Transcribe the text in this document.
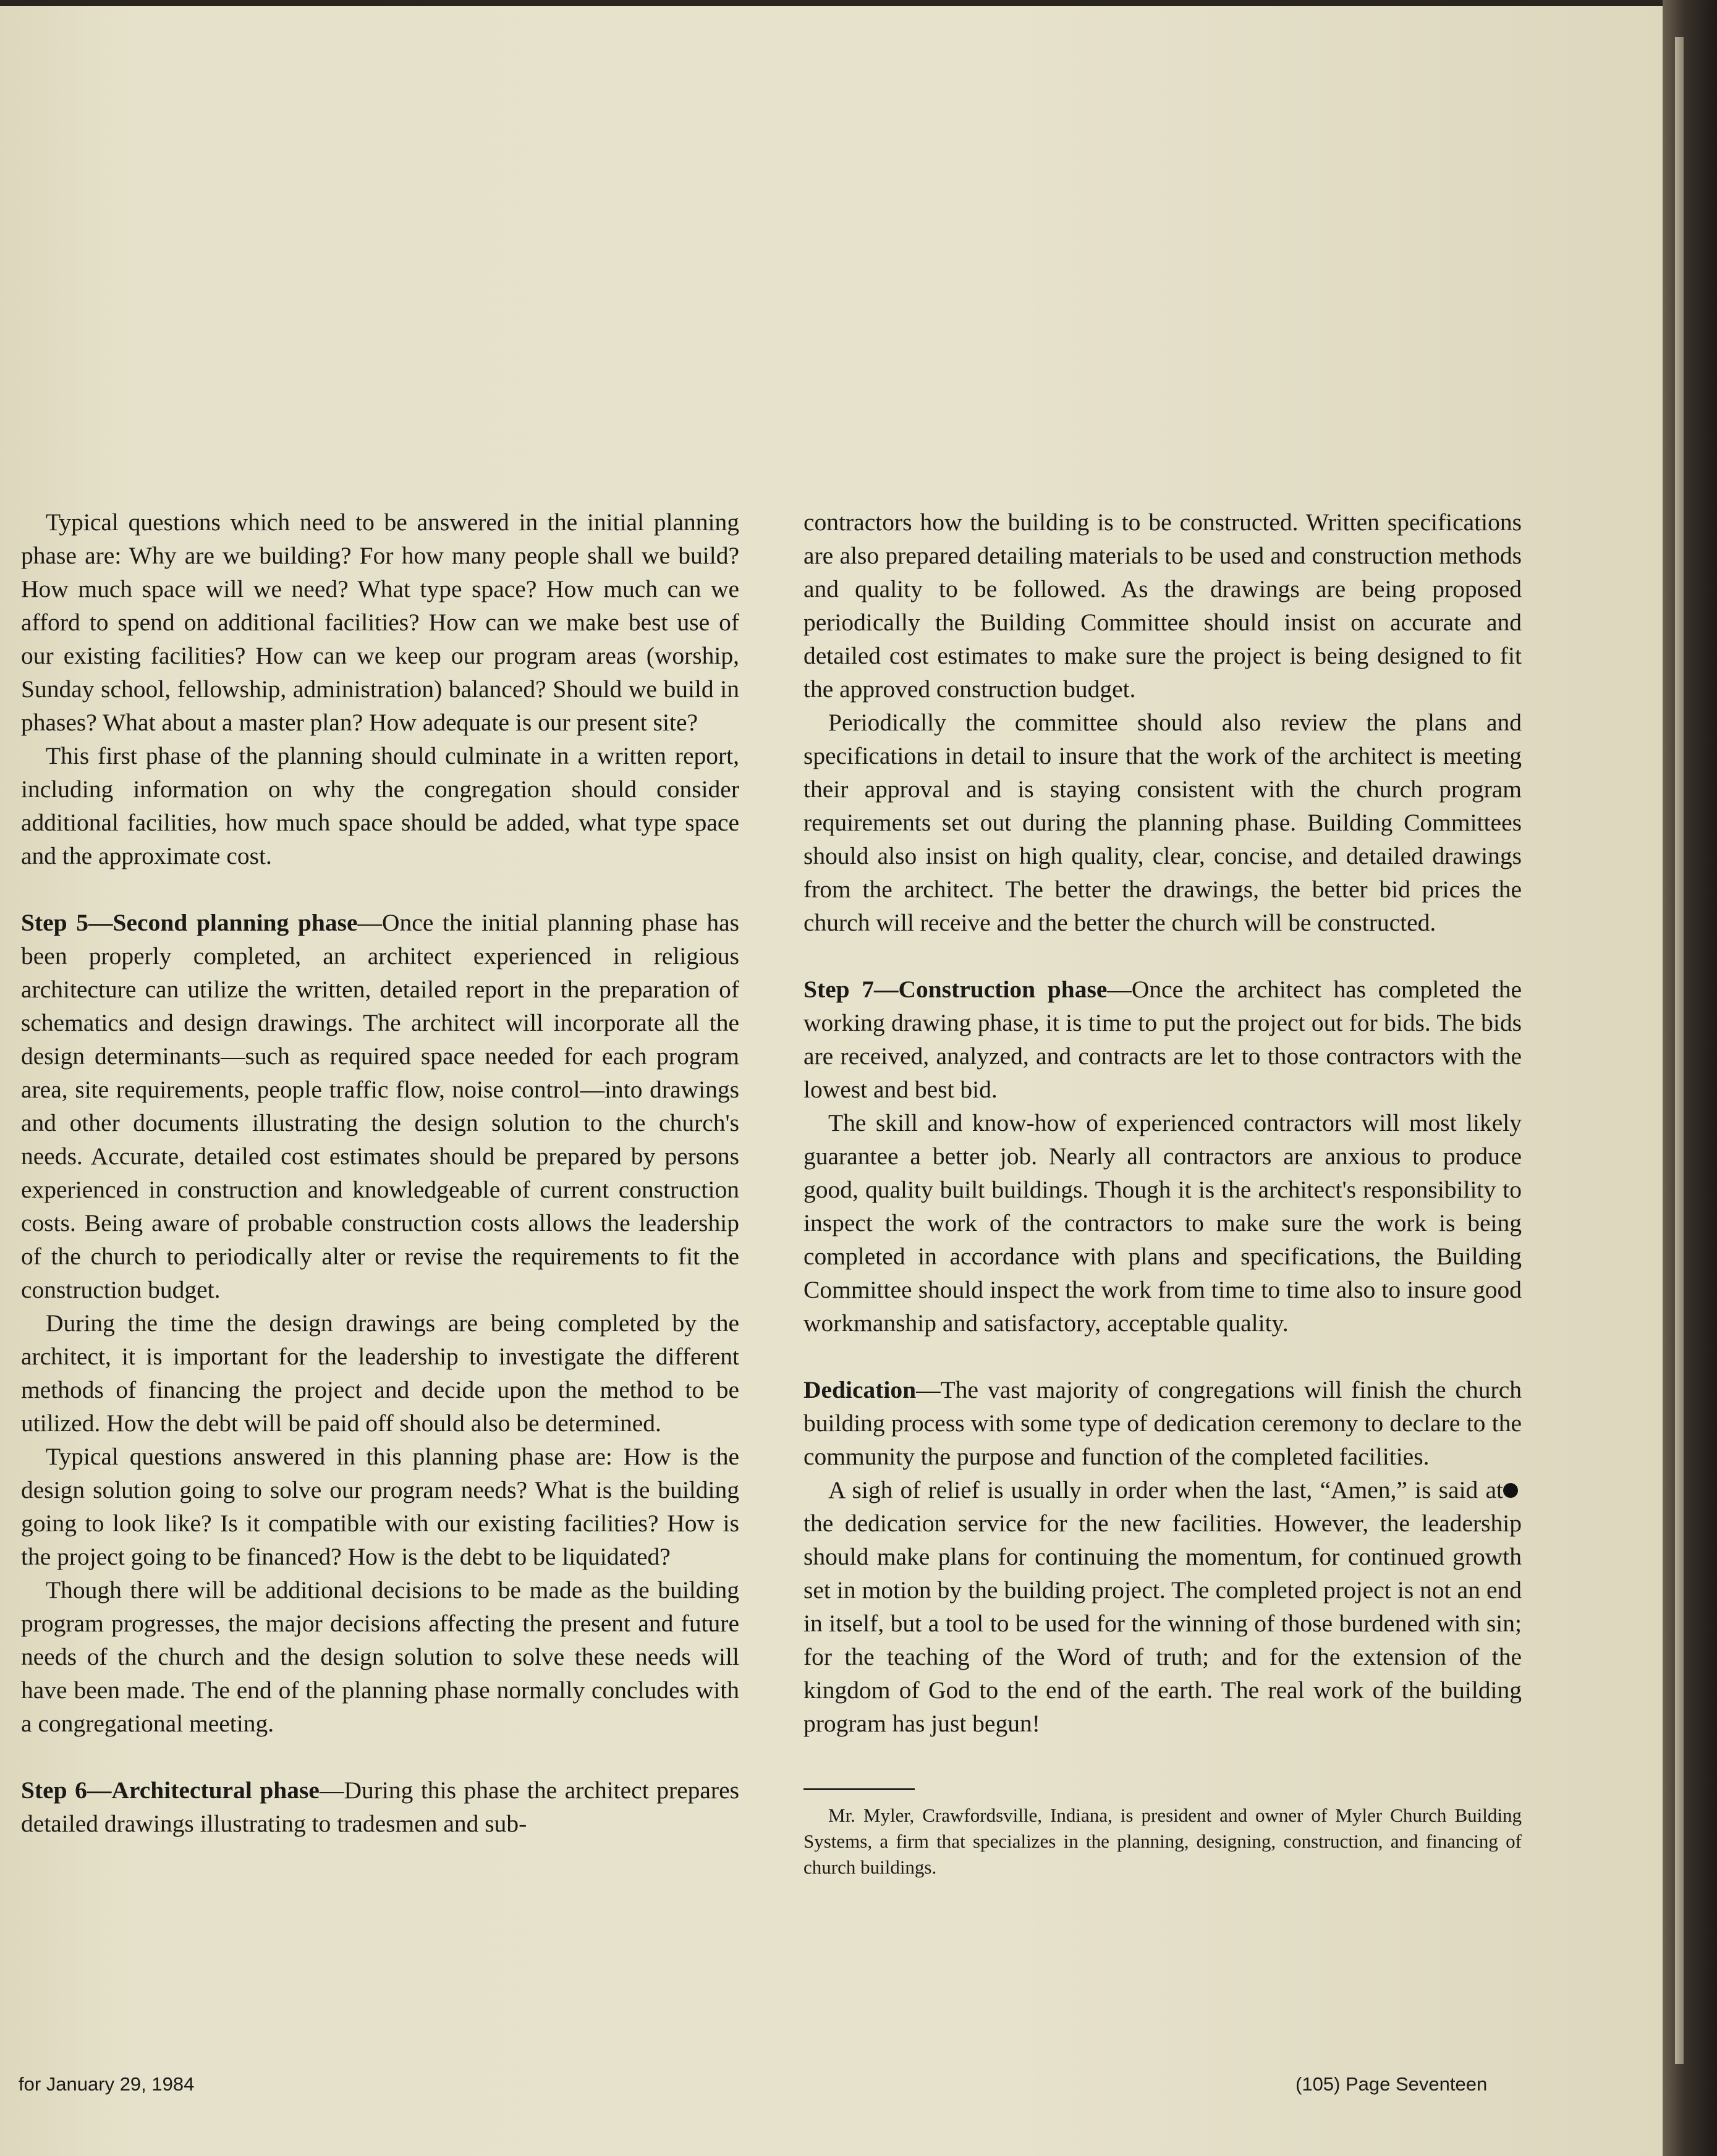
Typical questions which need to be answered in the initial planning phase are: Why are we building? For how many people shall we build? How much space will we need? What type space? How much can we afford to spend on additional facilities? How can we make best use of our existing facilities? How can we keep our program areas (worship, Sunday school, fellowship, administration) balanced? Should we build in phases? What about a master plan? How adequate is our present site?

This first phase of the planning should culminate in a written report, including information on why the congregation should consider additional facilities, how much space should be added, what type space and the approximate cost.

Step 5—Second planning phase—Once the initial planning phase has been properly completed, an architect experienced in religious architecture can utilize the written, detailed report in the preparation of schematics and design drawings. The architect will incorporate all the design determinants—such as required space needed for each program area, site requirements, people traffic flow, noise control—into drawings and other documents illustrating the design solution to the church's needs. Accurate, detailed cost estimates should be prepared by persons experienced in construction and knowledgeable of current construction costs. Being aware of probable construction costs allows the leadership of the church to periodically alter or revise the requirements to fit the construction budget.

During the time the design drawings are being completed by the architect, it is important for the leadership to investigate the different methods of financing the project and decide upon the method to be utilized. How the debt will be paid off should also be determined.

Typical questions answered in this planning phase are: How is the design solution going to solve our program needs? What is the building going to look like? Is it compatible with our existing facilities? How is the project going to be financed? How is the debt to be liquidated?

Though there will be additional decisions to be made as the building program progresses, the major decisions affecting the present and future needs of the church and the design solution to solve these needs will have been made. The end of the planning phase normally concludes with a congregational meeting.

Step 6—Architectural phase—During this phase the architect prepares detailed drawings illustrating to tradesmen and sub-

contractors how the building is to be constructed. Written specifications are also prepared detailing materials to be used and construction methods and quality to be followed. As the drawings are being proposed periodically the Building Committee should insist on accurate and detailed cost estimates to make sure the project is being designed to fit the approved construction budget.

Periodically the committee should also review the plans and specifications in detail to insure that the work of the architect is meeting their approval and is staying consistent with the church program requirements set out during the planning phase. Building Committees should also insist on high quality, clear, concise, and detailed drawings from the architect. The better the drawings, the better bid prices the church will receive and the better the church will be constructed.

Step 7—Construction phase—Once the architect has completed the working drawing phase, it is time to put the project out for bids. The bids are received, analyzed, and contracts are let to those contractors with the lowest and best bid.

The skill and know-how of experienced contractors will most likely guarantee a better job. Nearly all contractors are anxious to produce good, quality built buildings. Though it is the architect's responsibility to inspect the work of the contractors to make sure the work is being completed in accordance with plans and specifications, the Building Committee should inspect the work from time to time also to insure good workmanship and satisfactory, acceptable quality.

Dedication—The vast majority of congregations will finish the church building process with some type of dedication ceremony to declare to the community the purpose and function of the completed facilities.

A sigh of relief is usually in order when the last, “Amen,” is said at the dedication service for the new facilities. However, the leadership should make plans for continuing the momentum, for continued growth set in motion by the building project. The completed project is not an end in itself, but a tool to be used for the winning of those burdened with sin; for the teaching of the Word of truth; and for the extension of the kingdom of God to the end of the earth. The real work of the building program has just begun!

Mr. Myler, Crawfordsville, Indiana, is president and owner of Myler Church Building Systems, a firm that specializes in the planning, designing, construction, and financing of church buildings.

for January 29, 1984	(105) Page Seventeen
